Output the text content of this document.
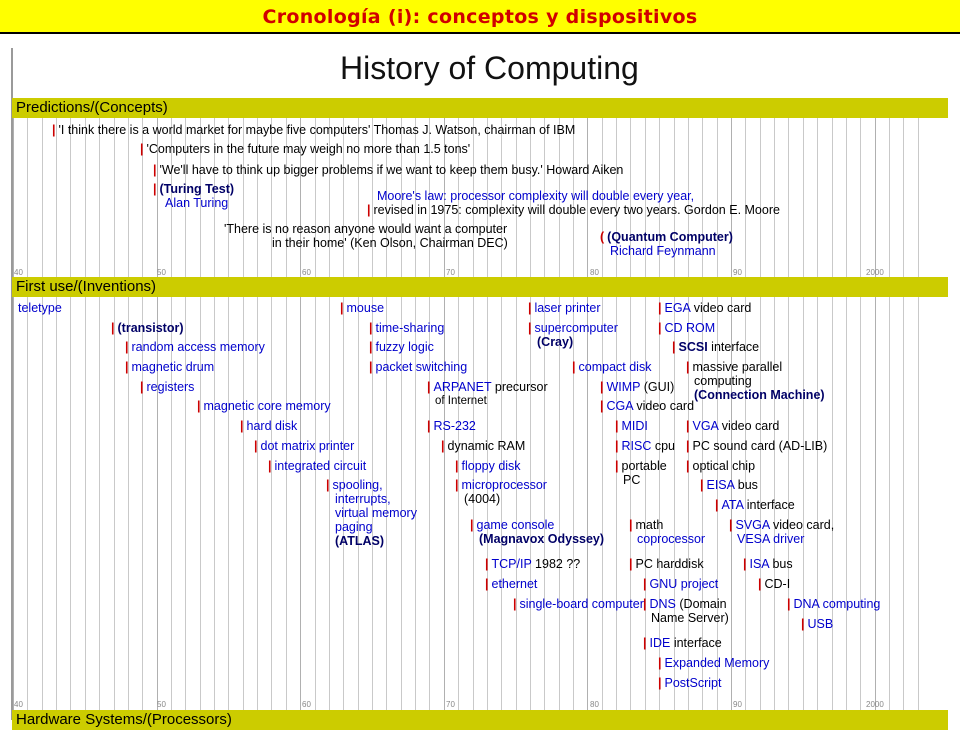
Cronología (i): conceptos y dispositivos
History of Computing
Predictions/(Concepts)
First use/(Inventions)
Hardware Systems/(Processors)
40	50	60	70	80	90	2000
40	50	60	70	80	90	2000
| 'I think there is a world market for maybe five computers' Thomas J. Watson, chairman of IBM
| 'Computers in the future may weigh no more than 1.5 tons'
| 'We'll have to think up bigger problems if we want to keep them busy.' Howard Aiken
| (Turing Test)
Alan Turing	Moore's law: processor complexity will double every year,
| revised in 1975: complexity will double every two years. Gordon E. Moore
'There is no reason anyone would want a computer
in their home' (Ken Olson, Chairman DEC)	( (Quantum Computer)
Richard Feynmann
teletype
| (transistor)
| random access memory
| magnetic drum
| registers
| magnetic core memory
| hard disk
| dot matrix printer
| integrated circuit
| spooling,
interrupts,
virtual memory
paging
(ATLAS)
| mouse
| time-sharing
| fuzzy logic
| packet switching
| ARPANET precursor
of Internet
| RS-232
| dynamic RAM
| floppy disk
| microprocessor
(4004)
| game console
(Magnavox Odyssey)
| TCP/IP 1982 ??
| ethernet
| single-board computer
| laser printer
| supercomputer
(Cray)
| compact disk
| WIMP (GUI)
| CGA video card
| MIDI
| RISC cpu
| portable
PC
| math
coprocessor
| PC harddisk
| GNU project
| DNS (Domain
Name Server)
| IDE interface
| Expanded Memory
| PostScript
| EGA video card
| CD ROM
| SCSI interface
| massive parallel
computing
(Connection Machine)
| VGA video card
| PC sound card (AD-LIB)
| optical chip
| EISA bus
| ATA interface
| SVGA video card,
VESA driver
| ISA bus
| CD-I
| DNA computing
| USB
